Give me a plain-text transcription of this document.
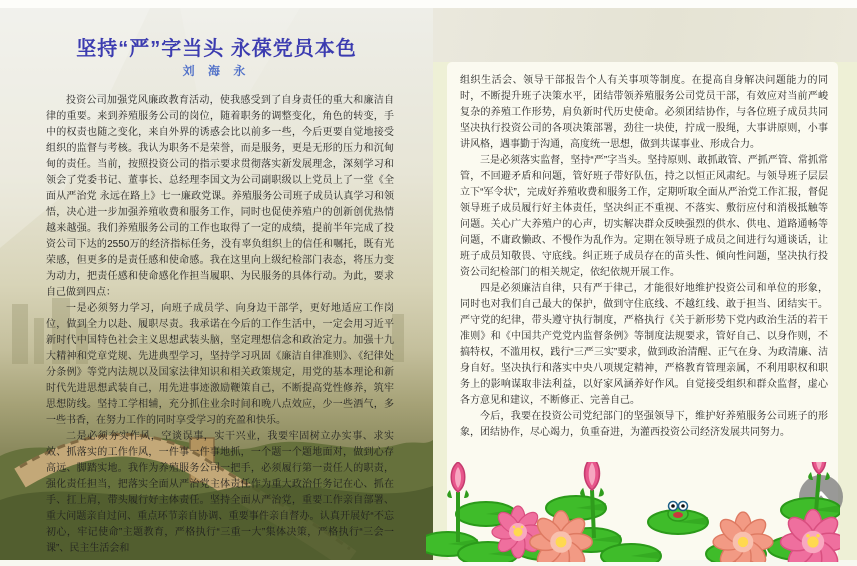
坚持“严”字当头 永葆党员本色
刘 海 永

投资公司加强党风廉政教育活动，使我感受到了自身责任的重大和廉洁自律的重要。来到养殖服务公司的岗位，随着职务的调整变化，角色的转变，手中的权责也随之变化，来自外界的诱惑会比以前多一些，今后更要自觉地接受组织的监督与考核。我认为职务不是荣誉，而是服务，更是无形的压力和沉甸甸的责任。当前，按照投资公司的指示要求贯彻落实新发展理念，深刻学习和领会了党委书记、董事长、总经理李国文为公司副职级以上党员上了一堂《全面从严治党 永远在路上》七一廉政党课。养殖服务公司班子成员认真学习和领悟，决心进一步加强养殖收费和服务工作，同时也促使养殖户的创新创优热情越来越强。我们养殖服务公司的工作也取得了一定的成绩，提前半年完成了投资公司下达的2550万的经济指标任务，没有辜负组织上的信任和嘱托，既有光荣感，但更多的是责任感和使命感。我在这里向上级纪检部门表态，将压力变为动力，把责任感和使命感化作担当履职、为民服务的具体行动。为此，要求自己做到四点：

一是必须努力学习，向班子成员学、向身边干部学，更好地适应工作岗位，做到全力以赴、履职尽责。我承诺在今后的工作生活中，一定会用习近平新时代中国特色社会主义思想武装头脑，坚定理想信念和政治定力。加强十九大精神和党章党规、先进典型学习，坚持学习巩固《廉洁自律准则》、《纪律处分条例》等党内法规以及国家法律知识和相关政策规定，用党的基本理论和新时代先进思想武装自己，用先进事迹激励鞭策自己，不断提高党性修养，筑牢思想防线。坚持工学相辅，充分抓住业余时间和晚八点效应，少一些酒气，多一些书香，在努力工作的同时享受学习的充盈和快乐。

二是必须夯实作风，空谈误事，实干兴业，我要牢固树立办实事、求实效、抓落实的工作作风，一件事一件事地抓，一个题一个题地面对，做到心存高远、脚踏实地。我作为养殖服务公司一把手，必须履行第一责任人的职责，强化责任担当，把落实全面从严治党主体责任作为重大政治任务记在心、抓在手、扛上肩，带头履行好主体责任。坚持全面从严治党，重要工作亲自部署、重大问题亲自过问、重点环节亲自协调、重要事件亲自督办。认真开展好“不忘初心，牢记使命”主题教育，严格执行“三重一大”集体决策，严格执行“三会一课”、民主生活会和

组织生活会、领导干部报告个人有关事项等制度。在提高自身解决问题能力的同时，不断提升班子决策水平，团结带领养殖服务公司党员干部，有效应对当前严峻复杂的养殖工作形势，肩负新时代历史使命。必须团结协作，与各位班子成员共同坚决执行投资公司的各项决策部署，劲往一块使，拧成一股绳，大事讲原则，小事讲风格，遇事勤于沟通，高度统一思想，做到共谋事业、形成合力。

三是必须落实监督，坚持“严”字当头。坚持原则、敢抓敢管、严抓严管、常抓常管，不回避矛盾和问题，管好班子带好队伍，持之以恒正风肃纪。与领导班子层层立下“军令状”，完成好养殖收费和服务工作，定期听取全面从严治党工作汇报，督促领导班子成员履行好主体责任，坚决纠正不重视、不落实、敷衍应付和消极抵触等问题。关心广大养殖户的心声，切实解决群众反映强烈的供水、供电、道路通畅等问题，不庸政懒政、不慢作为乱作为。定期在领导班子成员之间进行勾通谈话，让班子成员知敬畏、守底线。纠正班子成员存在的苗头性、倾向性问题，坚决执行投资公司纪检部门的相关规定，依纪依规开展工作。

四是必须廉洁自律，只有严于律己，才能很好地维护投资公司和单位的形象，同时也对我们自己最大的保护，做到守住底线、不越红线、敢于担当、团结实干。严守党的纪律，带头遵守执行制度，严格执行《关于新形势下党内政治生活的若干准则》和《中国共产党党内监督条例》等制度法规要求，管好自己、以身作则，不搞特权，不滥用权，践行“三严三实”要求，做到政治清醒、正气在身、为政清廉、洁身自好。坚决执行和落实中央八项规定精神，严格教育管理亲属，不利用职权和职务上的影响谋取非法利益，以好家风涵养好作风。自觉接受组织和群众监督，虚心各方意见和建议，不断修正、完善自己。

今后，我要在投资公司党纪部门的坚强领导下，维护好养殖服务公司班子的形象，团结协作，尽心竭力，负重奋进，为灌西投资公司经济发展共同努力。
